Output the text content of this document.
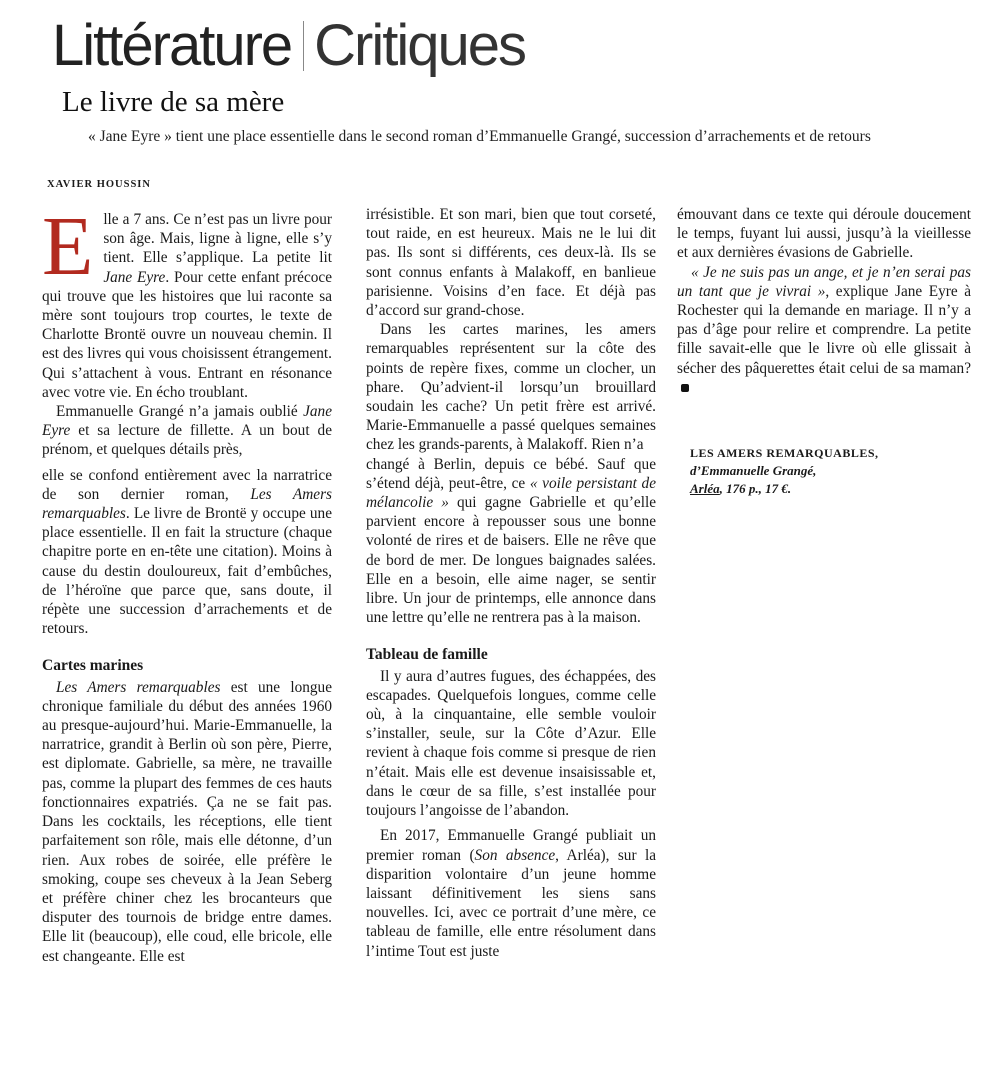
Littérature Critiques
Le livre de sa mère
« Jane Eyre » tient une place essentielle dans le second roman d’Emmanuelle Grangé, succession d’arrachements et de retours
XAVIER HOUSSIN
E lle a 7 ans. Ce n’est pas un livre pour son âge. Mais, ligne à ligne, elle s’y tient. Elle s’applique. La petite lit Jane Eyre. Pour cette enfant précoce qui trouve que les histoires que lui raconte sa mère sont toujours trop courtes, le texte de Charlotte Brontë ouvre un nouveau chemin. Il est des livres qui vous choisissent étrangement. Qui s’attachent à vous. Entrant en résonance avec votre vie. En écho troublant.

Emmanuelle Grangé n’a jamais oublié Jane Eyre et sa lecture de fillette. A un bout de prénom, et quelques détails près,

elle se confond entièrement avec la narratrice de son dernier roman, Les Amers remarquables. Le livre de Brontë y occupe une place essentielle. Il en fait la structure (chaque chapitre porte en en-tête une citation). Moins à cause du destin douloureux, fait d’embûches, de l’héroïne que parce que, sans doute, il répète une succession d’arrachements et de retours.

Cartes marines

Les Amers remarquables est une longue chronique familiale du début des années 1960 au presque-aujourd’hui. Marie-Emmanuelle, la narratrice, grandit à Berlin où son père, Pierre, est diplomate. Gabrielle, sa mère, ne travaille pas, comme la plupart des femmes de ces hauts fonctionnaires expatriés. Ça ne se fait pas. Dans les cocktails, les réceptions, elle tient parfaitement son rôle, mais elle détonne, d’un rien. Aux robes de soirée, elle préfère le smoking, coupe ses cheveux à la Jean Seberg et préfère chiner chez les brocanteurs que disputer des tournois de bridge entre dames. Elle lit (beaucoup), elle coud, elle bricole, elle est changeante. Elle est

irrésistible. Et son mari, bien que tout corseté, tout raide, en est heureux. Mais ne le lui dit pas. Ils sont si différents, ces deux-là. Ils se sont connus enfants à Malakoff, en banlieue parisienne. Voisins d’en face. Et déjà pas d’accord sur grand-chose.

Dans les cartes marines, les amers remarquables représentent sur la côte des points de repère fixes, comme un clocher, un phare. Qu’advient-il lorsqu’un brouillard soudain les cache? Un petit frère est arrivé. Marie-Emmanuelle a passé quelques semaines chez les grands-parents, à Malakoff. Rien n’a

changé à Berlin, depuis ce bébé. Sauf que s’étend déjà, peut-être, ce « voile persistant de mélancolie » qui gagne Gabrielle et qu’elle parvient encore à repousser sous une bonne volonté de rires et de baisers. Elle ne rêve que de bord de mer. De longues baignades salées. Elle en a besoin, elle aime nager, se sentir libre. Un jour de printemps, elle annonce dans une lettre qu’elle ne rentrera pas à la maison.

Tableau de famille

Il y aura d’autres fugues, des échappées, des escapades. Quelquefois longues, comme celle où, à la cinquantaine, elle semble vouloir s’installer, seule, sur la Côte d’Azur. Elle revient à chaque fois comme si presque de rien n’était. Mais elle est devenue insaisissable et, dans le cœur de sa fille, s’est installée pour toujours l’angoisse de l’abandon.

En 2017, Emmanuelle Grangé publiait un premier roman (Son absence, Arléa), sur la disparition volontaire d’un jeune homme laissant définitivement les siens sans nouvelles. Ici, avec ce portrait d’une mère, ce tableau de famille, elle entre résolument dans l’intime Tout est juste

émouvant dans ce texte qui déroule doucement le temps, fuyant lui aussi, jusqu’à la vieillesse et aux dernières évasions de Gabrielle.

« Je ne suis pas un ange, et je n’en serai pas un tant que je vivrai », explique Jane Eyre à Rochester qui la demande en mariage. Il n’y a pas d’âge pour relire et comprendre. La petite fille savait-elle que le livre où elle glissait à sécher des pâquerettes était celui de sa maman?

LES AMERS REMARQUABLES,
d’Emmanuelle Grangé,
Arléa, 176 p., 17 €.
